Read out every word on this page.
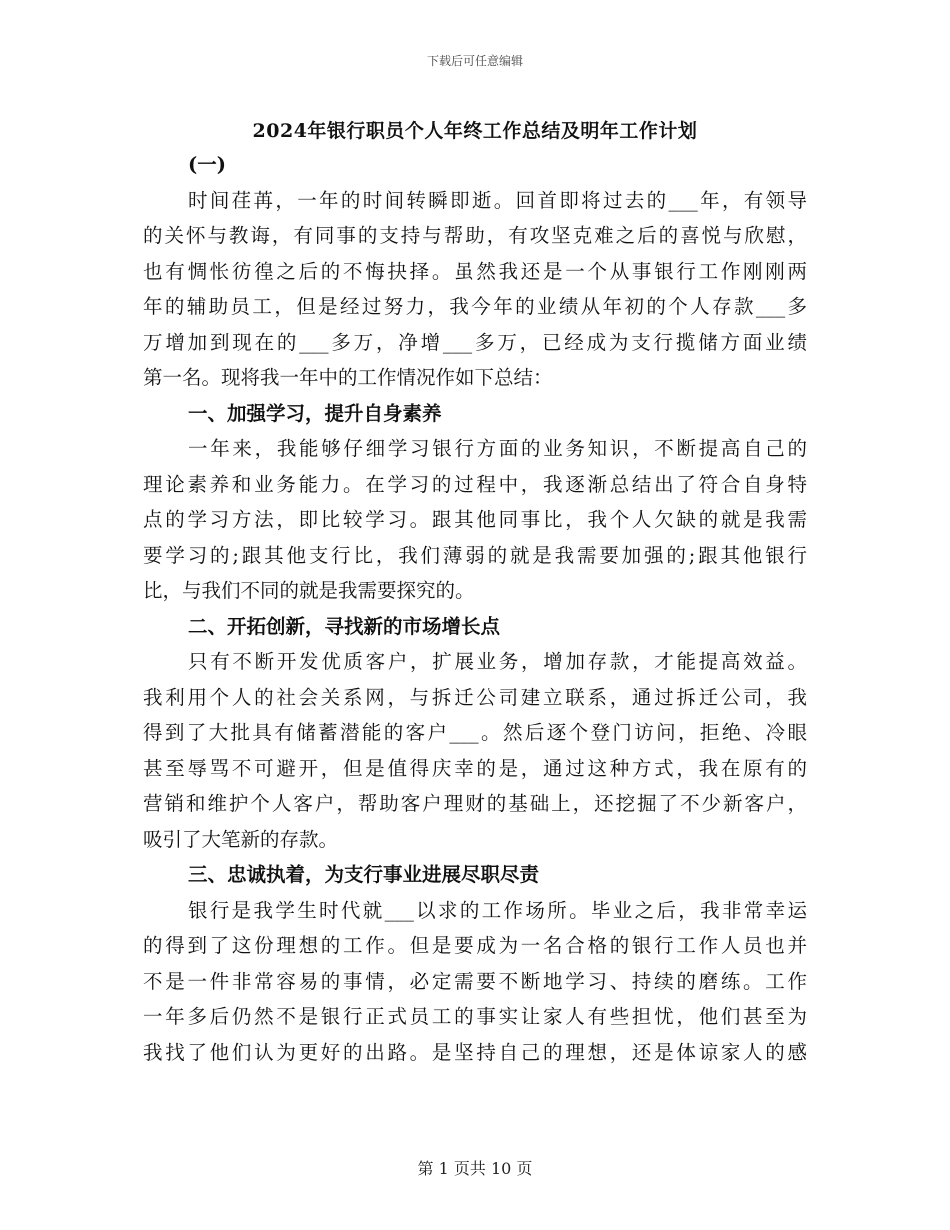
下载后可任意编辑
2024年银行职员个人年终工作总结及明年工作计划
(一)
时间荏苒，一年的时间转瞬即逝。回首即将过去的___年，有领导
的关怀与教诲，有同事的支持与帮助，有攻坚克难之后的喜悦与欣慰，
也有惆怅彷徨之后的不悔抉择。虽然我还是一个从事银行工作刚刚两
年的辅助员工，但是经过努力，我今年的业绩从年初的个人存款___多
万增加到现在的___多万，净增___多万，已经成为支行揽储方面业绩
第一名。现将我一年中的工作情况作如下总结：
一、加强学习，提升自身素养
一年来，我能够仔细学习银行方面的业务知识，不断提高自己的
理论素养和业务能力。在学习的过程中，我逐渐总结出了符合自身特
点的学习方法，即比较学习。跟其他同事比，我个人欠缺的就是我需
要学习的;跟其他支行比，我们薄弱的就是我需要加强的;跟其他银行
比，与我们不同的就是我需要探究的。
二、开拓创新，寻找新的市场增长点
只有不断开发优质客户，扩展业务，增加存款，才能提高效益。
我利用个人的社会关系网，与拆迁公司建立联系，通过拆迁公司，我
得到了大批具有储蓄潜能的客户___。然后逐个登门访问，拒绝、冷眼
甚至辱骂不可避开，但是值得庆幸的是，通过这种方式，我在原有的
营销和维护个人客户，帮助客户理财的基础上，还挖掘了不少新客户，
吸引了大笔新的存款。
三、忠诚执着，为支行事业进展尽职尽责
银行是我学生时代就___以求的工作场所。毕业之后，我非常幸运
的得到了这份理想的工作。但是要成为一名合格的银行工作人员也并
不是一件非常容易的事情，必定需要不断地学习、持续的磨练。工作
一年多后仍然不是银行正式员工的事实让家人有些担忧，他们甚至为
我找了他们认为更好的出路。是坚持自己的理想，还是体谅家人的感
第 1 页共 10 页
